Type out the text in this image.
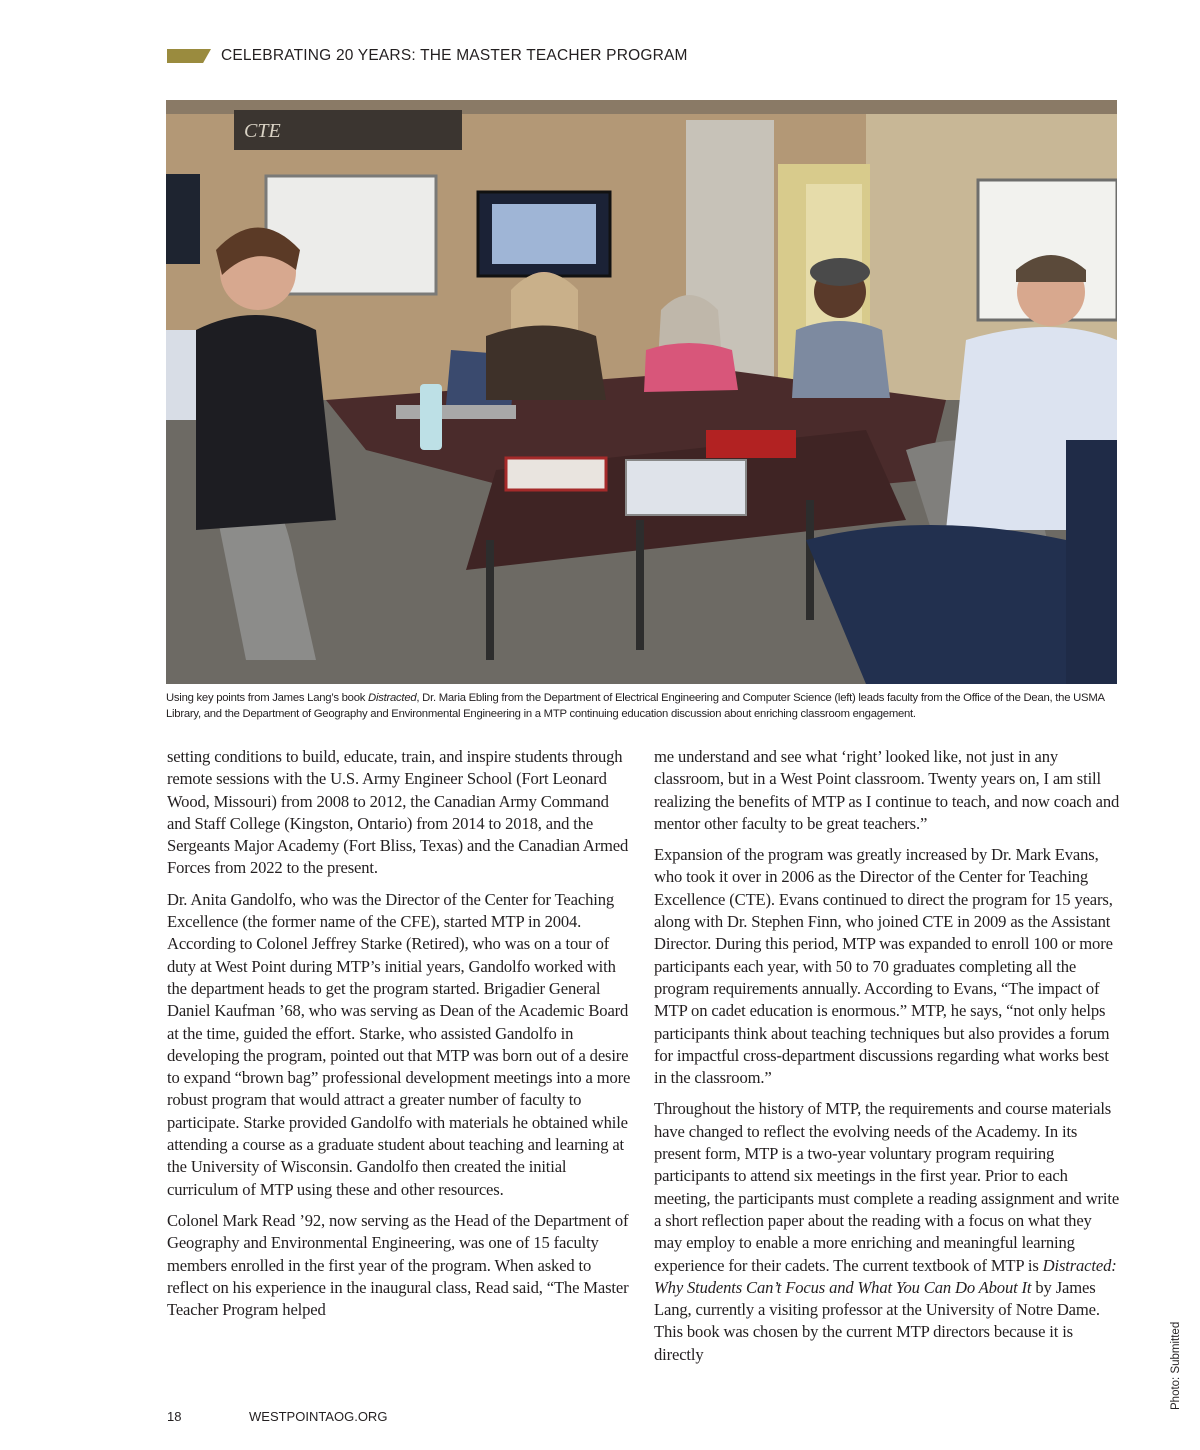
CELEBRATING 20 YEARS: THE MASTER TEACHER PROGRAM
CTE
Using key points from James Lang’s book Distracted, Dr. Maria Ebling from the Department of Electrical Engineering and Computer Science (left) leads faculty from the Office of the Dean, the USMA Library, and the Department of Geography and Environmental Engineering in a MTP continuing education discussion about enriching classroom engagement.

setting conditions to build, educate, train, and inspire students through remote sessions with the U.S. Army Engineer School (Fort Leonard Wood, Missouri) from 2008 to 2012, the Canadian Army Command and Staff College (Kingston, Ontario) from 2014 to 2018, and the Sergeants Major Academy (Fort Bliss, Texas) and the Canadian Armed Forces from 2022 to the present.

Dr. Anita Gandolfo, who was the Director of the Center for Teaching Excellence (the former name of the CFE), started MTP in 2004. According to Colonel Jeffrey Starke (Retired), who was on a tour of duty at West Point during MTP’s initial years, Gandolfo worked with the department heads to get the program started. Brigadier General Daniel Kaufman ’68, who was serving as Dean of the Academic Board at the time, guided the effort. Starke, who assisted Gandolfo in developing the program, pointed out that MTP was born out of a desire to expand “brown bag” professional development meetings into a more robust program that would attract a greater number of faculty to participate. Starke provided Gandolfo with materials he obtained while attending a course as a graduate student about teaching and learning at the University of Wisconsin. Gandolfo then created the initial curriculum of MTP using these and other resources.

Colonel Mark Read ’92, now serving as the Head of the Department of Geography and Environmental Engineering, was one of 15 faculty members enrolled in the first year of the program. When asked to reflect on his experience in the inaugural class, Read said, “The Master Teacher Program helped

me understand and see what ‘right’ looked like, not just in any classroom, but in a West Point classroom. Twenty years on, I am still realizing the benefits of MTP as I continue to teach, and now coach and mentor other faculty to be great teachers.”

Expansion of the program was greatly increased by Dr. Mark Evans, who took it over in 2006 as the Director of the Center for Teaching Excellence (CTE). Evans continued to direct the program for 15 years, along with Dr. Stephen Finn, who joined CTE in 2009 as the Assistant Director. During this period, MTP was expanded to enroll 100 or more participants each year, with 50 to 70 graduates completing all the program requirements annually. According to Evans, “The impact of MTP on cadet education is enormous.” MTP, he says, “not only helps participants think about teaching techniques but also provides a forum for impactful cross-department discussions regarding what works best in the classroom.”

Throughout the history of MTP, the requirements and course materials have changed to reflect the evolving needs of the Academy. In its present form, MTP is a two-year voluntary program requiring participants to attend six meetings in the first year. Prior to each meeting, the participants must complete a reading assignment and write a short reflection paper about the reading with a focus on what they may employ to enable a more enriching and meaningful learning experience for their cadets. The current textbook of MTP is Distracted: Why Students Can’t Focus and What You Can Do About It by James Lang, currently a visiting professor at the University of Notre Dame. This book was chosen by the current MTP directors because it is directly	Photo: Submitted
18	WESTPOINTAOG.ORG
